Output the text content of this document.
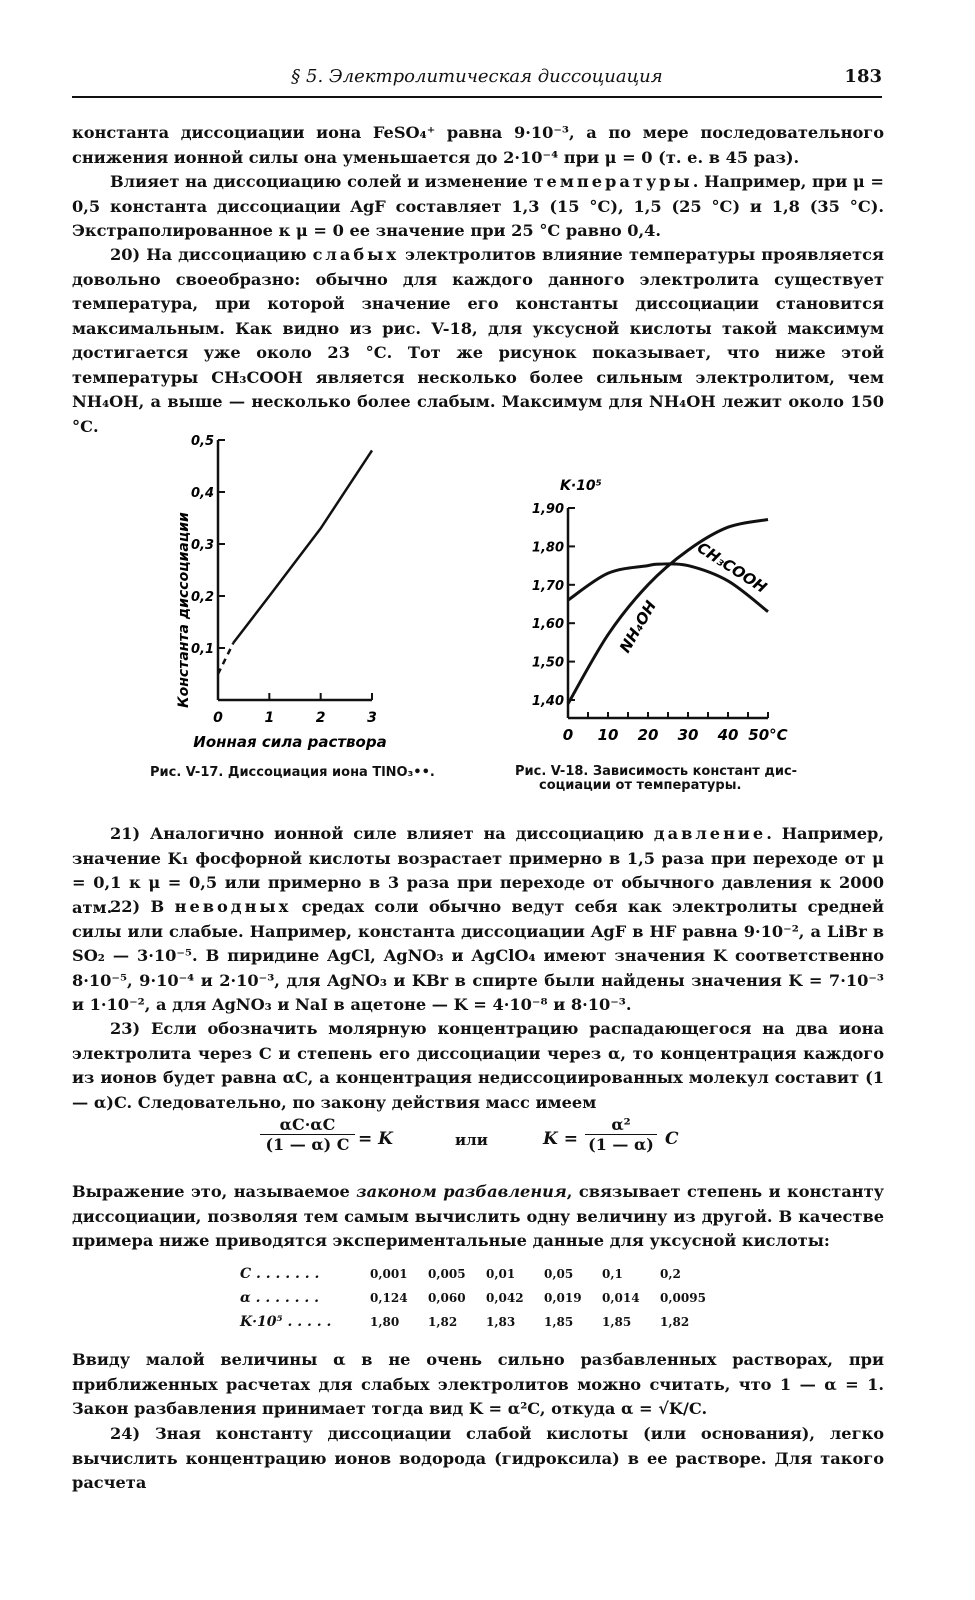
§ 5. Электролитическая диссоциация	183

константа диссоциации иона FeSO₄⁺ равна 9·10⁻³, а по мере последовательного снижения ионной силы она уменьшается до 2·10⁻⁴ при μ = 0 (т. е. в 45 раз).

Влияет на диссоциацию солей и изменение температуры. Например, при μ = 0,5 константа диссоциации AgF составляет 1,3 (15 °С), 1,5 (25 °С) и 1,8 (35 °С). Экстраполированное к μ = 0 ее значение при 25 °С равно 0,4.

20) На диссоциацию слабых электролитов влияние температуры проявляется довольно своеобразно: обычно для каждого данного электролита существует температура, при которой значение его константы диссоциации становится максимальным. Как видно из рис. V-18, для уксусной кислоты такой максимум достигается уже около 23 °С. Тот же рисунок показывает, что ниже этой температуры CH₃COOH является несколько более сильным электролитом, чем NH₄OH, а выше — несколько более слабым. Максимум для NH₄OH лежит около 150 °С.

0,1
0,2
0,3
0,4
0,5
0	1	2	3
Константа диссоциации
Ионная сила раствора
Рис. V-17. Диссоциация иона TlNO₃••.
1,40
1,50
1,60
1,70
1,80
1,90
0 10 20 30 40 50°C
CH₃COOH
NH₄OH
K·10⁵
Рис. V-18. Зависимость констант дис-
социации от температуры.

21) Аналогично ионной силе влияет на диссоциацию давление. Например, значение K₁ фосфорной кислоты возрастает примерно в 1,5 раза при переходе от μ = 0,1 к μ = 0,5 или примерно в 3 раза при переходе от обычного давления к 2000 атм.

22) В неводных средах соли обычно ведут себя как электролиты средней силы или слабые. Например, константа диссоциации AgF в HF равна 9·10⁻², а LiBr в SO₂ — 3·10⁻⁵. В пиридине AgCl, AgNO₃ и AgClO₄ имеют значения K соответственно 8·10⁻⁵, 9·10⁻⁴ и 2·10⁻³, для AgNO₃ и KBr в спирте были найдены значения K = 7·10⁻³ и 1·10⁻², а для AgNO₃ и NaI в ацетоне — K = 4·10⁻⁸ и 8·10⁻³.

23) Если обозначить молярную концентрацию распадающегося на два иона электролита через C и степень его диссоциации через α, то концентрация каждого из ионов будет равна αC, а концентрация недиссоциированных молекул составит (1 — α)C. Следовательно, по закону действия масс имеем

$\frac{\alpha C\cdot\alpha C}{(1 — \alpha) C} = K$	или	$K = \frac{\text{α²}}{(1 — \alpha)}$ C

Выражение это, называемое законом разбавления, связывает степень и константу диссоциации, позволяя тем самым вычислить одну величину из другой. В качестве примера ниже приводятся экспериментальные данные для уксусной кислоты:

C . . . . . . .	0,001	0,005	0,01	0,05	0,1	0,2
α . . . . . . .	0,124	0,060	0,042	0,019	0,014	0,0095
K·10⁵ . . . . .	1,80	1,82	1,83	1,85	1,85	1,82

Ввиду малой величины α в не очень сильно разбавленных растворах, при приближенных расчетах для слабых электролитов можно считать, что 1 — α = 1. Закон разбавления принимает тогда вид K = α²C, откуда α = √K/C.

24) Зная константу диссоциации слабой кислоты (или основания), легко вычислить концентрацию ионов водорода (гидроксила) в ее растворе. Для такого расчета
